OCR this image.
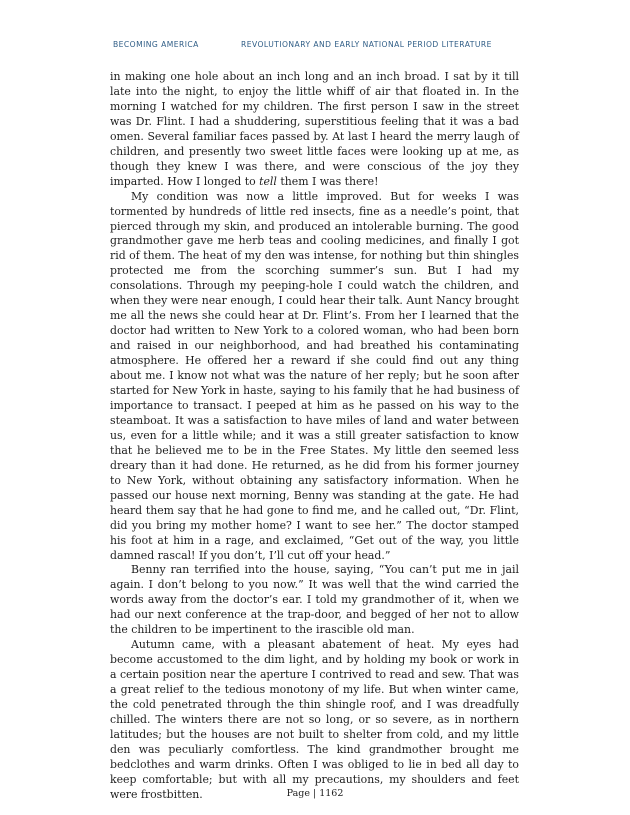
BECOMING AMERICA	REVOLUTIONARY AND EARLY NATIONAL PERIOD LITERATURE

in making one hole about an inch long and an inch broad. I sat by it till late into the night, to enjoy the little whiff of air that floated in. In the morning I watched for my children. The first person I saw in the street was Dr. Flint. I had a shuddering, superstitious feeling that it was a bad omen. Several familiar faces passed by. At last I heard the merry laugh of children, and presently two sweet little faces were looking up at me, as though they knew I was there, and were conscious of the joy they imparted. How I longed to tell them I was there!

My condition was now a little improved. But for weeks I was tormented by hundreds of little red insects, fine as a needle’s point, that pierced through my skin, and produced an intolerable burning. The good grandmother gave me herb teas and cooling medicines, and finally I got rid of them. The heat of my den was intense, for nothing but thin shingles protected me from the scorching summer’s sun. But I had my consolations. Through my peeping-hole I could watch the children, and when they were near enough, I could hear their talk. Aunt Nancy brought me all the news she could hear at Dr. Flint’s. From her I learned that the doctor had written to New York to a colored woman, who had been born and raised in our neighborhood, and had breathed his contaminating atmosphere. He offered her a reward if she could find out any thing about me. I know not what was the nature of her reply; but he soon after started for New York in haste, saying to his family that he had business of importance to transact. I peeped at him as he passed on his way to the steamboat. It was a satisfaction to have miles of land and water between us, even for a little while; and it was a still greater satisfaction to know that he believed me to be in the Free States. My little den seemed less dreary than it had done. He returned, as he did from his former journey to New York, without obtaining any satisfactory information. When he passed our house next morning, Benny was standing at the gate. He had heard them say that he had gone to find me, and he called out, “Dr. Flint, did you bring my mother home? I want to see her.” The doctor stamped his foot at him in a rage, and exclaimed, “Get out of the way, you little damned rascal! If you don’t, I’ll cut off your head.”

Benny ran terrified into the house, saying, “You can’t put me in jail again. I don’t belong to you now.” It was well that the wind carried the words away from the doctor’s ear. I told my grandmother of it, when we had our next conference at the trap-door, and begged of her not to allow the children to be impertinent to the irascible old man.

Autumn came, with a pleasant abatement of heat. My eyes had become accustomed to the dim light, and by holding my book or work in a certain position near the aperture I contrived to read and sew. That was a great relief to the tedious monotony of my life. But when winter came, the cold penetrated through the thin shingle roof, and I was dreadfully chilled. The winters there are not so long, or so severe, as in northern latitudes; but the houses are not built to shelter from cold, and my little den was peculiarly comfortless. The kind grandmother brought me bedclothes and warm drinks. Often I was obliged to lie in bed all day to keep comfortable; but with all my precautions, my shoulders and feet were frostbitten.	Page | 1162
